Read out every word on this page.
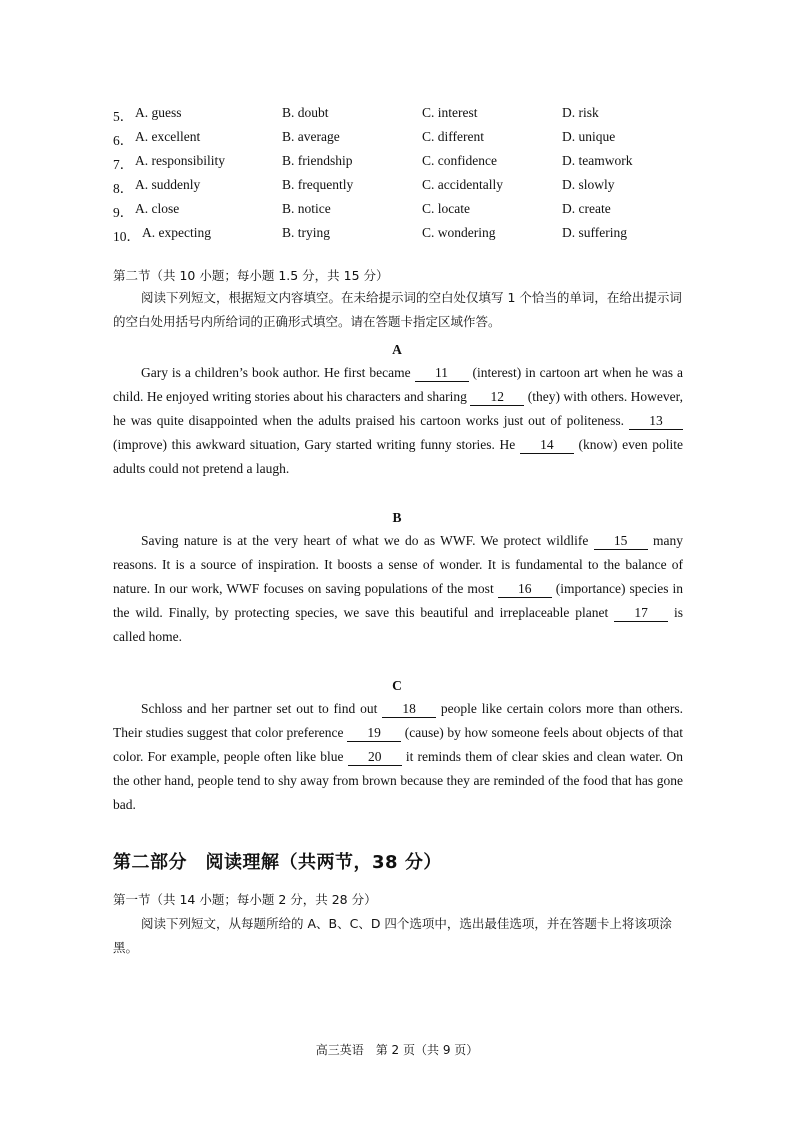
5． A. guess	B. doubt	C. interest	D. risk
6． A. excellent	B. average	C. different	D. unique
7． A. responsibility	B. friendship	C. confidence	D. teamwork
8． A. suddenly	B. frequently	C. accidentally	D. slowly
9． A. close	B. notice	C. locate	D. create
10． A. expecting	B. trying	C. wondering	D. suffering
第二节（共 10 小题；每小题 1.5 分，共 15 分）
阅读下列短文，根据短文内容填空。在未给提示词的空白处仅填写 1 个恰当的单词，在给出提示词的空白处用括号内所给词的正确形式填空。请在答题卡指定区域作答。
A
Gary is a children’s book author. He first became 11 (interest) in cartoon art when he was a child. He enjoyed writing stories about his characters and sharing 12 (they) with others. However, he was quite disappointed when the adults praised his cartoon works just out of politeness. 13 (improve) this awkward situation, Gary started writing funny stories. He 14 (know) even polite adults could not pretend a laugh.
B
Saving nature is at the very heart of what we do as WWF. We protect wildlife 15 many reasons. It is a source of inspiration. It boosts a sense of wonder. It is fundamental to the balance of nature. In our work, WWF focuses on saving populations of the most 16 (importance) species in the wild. Finally, by protecting species, we save this beautiful and irreplaceable planet 17 is called home.
C
Schloss and her partner set out to find out 18 people like certain colors more than others. Their studies suggest that color preference 19 (cause) by how someone feels about objects of that color. For example, people often like blue 20 it reminds them of clear skies and clean water. On the other hand, people tend to shy away from brown because they are reminded of the food that has gone bad.
第二部分　阅读理解（共两节，38 分）
第一节（共 14 小题；每小题 2 分，共 28 分）
阅读下列短文，从每题所给的 A、B、C、D 四个选项中，选出最佳选项，并在答题卡上将该项涂黑。
高三英语　第 2 页（共 9 页）
